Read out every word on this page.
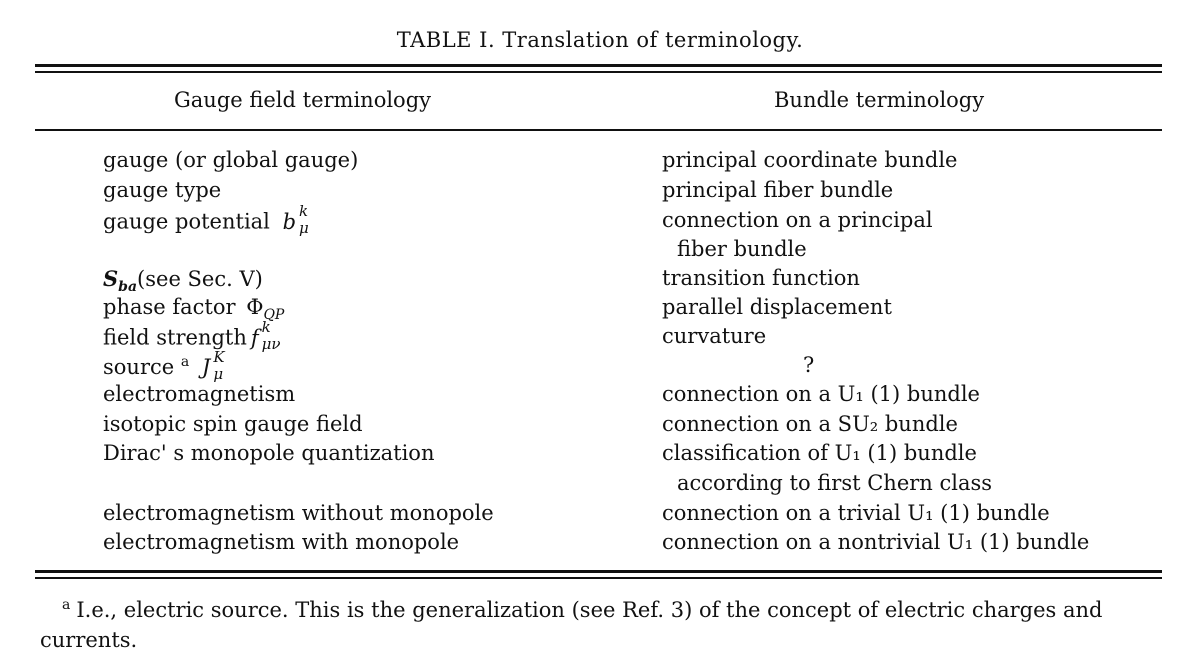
TABLE I. Translation of terminology.
Gauge field terminology	Bundle terminology
gauge (or global gauge)
gauge type
gauge potential b k
μ
$S_{ba}(see$ Sec. V)
phase factor $\Phi_{QP}$
field strength f k
μν
source $^a$ J K
μ
electromagnetism
isotopic spin gauge field
Dirac' s monopole quantization
electromagnetism without monopole
electromagnetism with monopole
principal coordinate bundle
principal fiber bundle
connection on a principal
fiber bundle
transition function
parallel displacement
curvature
?
connection on a U₁ (1) bundle
connection on a SU₂ bundle
classification of U₁ (1) bundle
according to first Chern class
connection on a trivial U₁ (1) bundle
connection on a nontrivial U₁ (1) bundle
$^a$ I.e., electric source. This is the generalization (see Ref. 3) of the concept of electric charges and currents.
